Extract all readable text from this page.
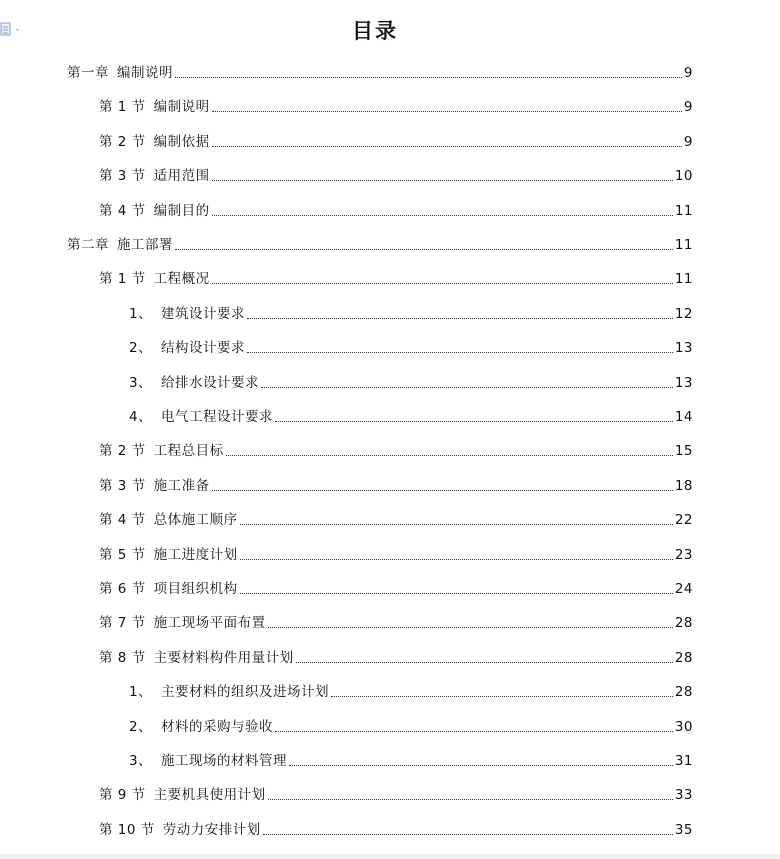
目录
第一章 编制说明	9
第 1 节 编制说明	9
第 2 节 编制依据	9
第 3 节 适用范围	10
第 4 节 编制目的	11
第二章 施工部署	11
第 1 节 工程概况	11
1、 建筑设计要求	12
2、 结构设计要求	13
3、 给排水设计要求	13
4、 电气工程设计要求	14
第 2 节 工程总目标	15
第 3 节 施工准备	18
第 4 节 总体施工顺序	22
第 5 节 施工进度计划	23
第 6 节 项目组织机构	24
第 7 节 施工现场平面布置	28
第 8 节 主要材料构件用量计划	28
1、 主要材料的组织及进场计划	28
2、 材料的采购与验收	30
3、 施工现场的材料管理	31
第 9 节 主要机具使用计划	33
第 10 节 劳动力安排计划	35
